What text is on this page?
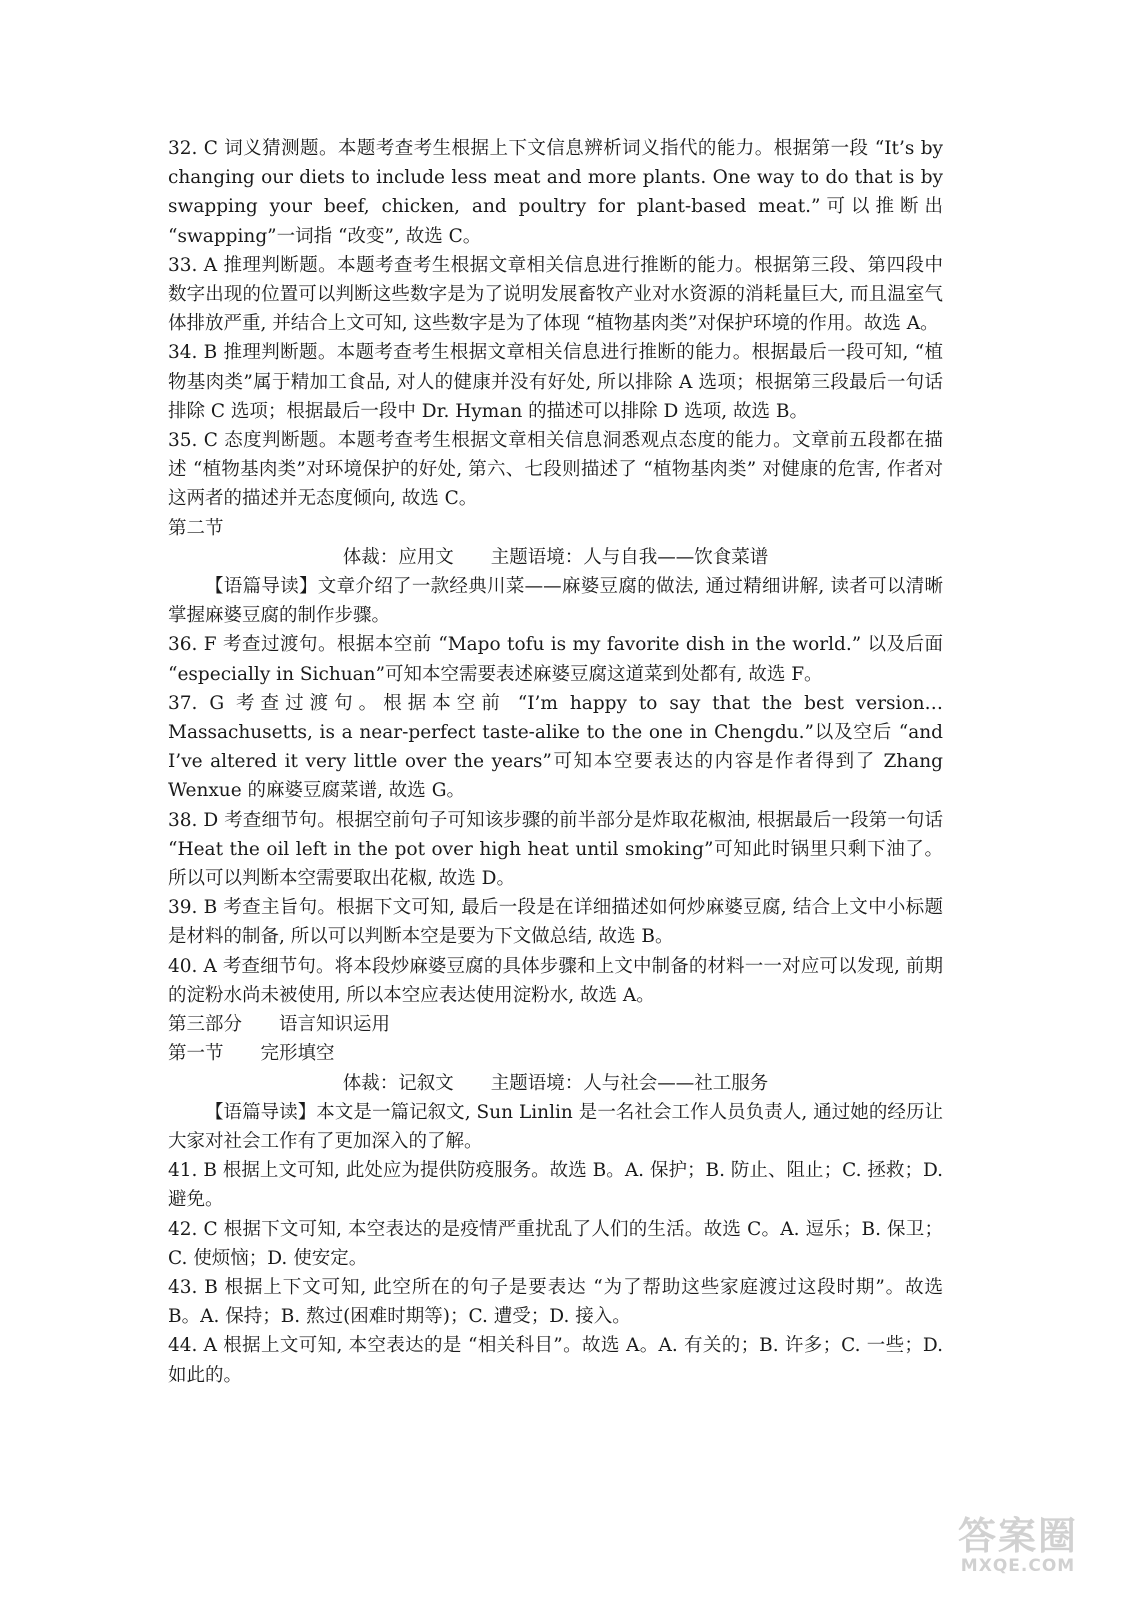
32. C 词义猜测题。本题考查考生根据上下文信息辨析词义指代的能力。根据第一段 “It’s by changing our diets to include less meat and more plants. One way to do that is by swapping your beef, chicken, and poultry for plant-based meat.”可以推断出 “swapping”一词指 “改变”, 故选 C。

33. A 推理判断题。本题考查考生根据文章相关信息进行推断的能力。根据第三段、第四段中数字出现的位置可以判断这些数字是为了说明发展畜牧产业对水资源的消耗量巨大, 而且温室气体排放严重, 并结合上文可知, 这些数字是为了体现 “植物基肉类”对保护环境的作用。故选 A。

34. B 推理判断题。本题考查考生根据文章相关信息进行推断的能力。根据最后一段可知, “植物基肉类”属于精加工食品, 对人的健康并没有好处, 所以排除 A 选项；根据第三段最后一句话排除 C 选项；根据最后一段中 Dr. Hyman 的描述可以排除 D 选项, 故选 B。

35. C 态度判断题。本题考查考生根据文章相关信息洞悉观点态度的能力。文章前五段都在描述 “植物基肉类”对环境保护的好处, 第六、七段则描述了 “植物基肉类” 对健康的危害, 作者对这两者的描述并无态度倾向, 故选 C。

第二节

体裁：应用文　　主题语境：人与自我——饮食菜谱

【语篇导读】文章介绍了一款经典川菜——麻婆豆腐的做法, 通过精细讲解, 读者可以清晰掌握麻婆豆腐的制作步骤。

36. F 考查过渡句。根据本空前 “Mapo tofu is my favorite dish in the world.” 以及后面 “especially in Sichuan”可知本空需要表述麻婆豆腐这道菜到处都有, 故选 F。

37. G 考查过渡句。根据本空前 “I’m happy to say that the best version…Massachusetts, is a near-perfect taste-alike to the one in Chengdu.”以及空后 “and I’ve altered it very little over the years”可知本空要表达的内容是作者得到了 Zhang Wenxue 的麻婆豆腐菜谱, 故选 G。

38. D 考查细节句。根据空前句子可知该步骤的前半部分是炸取花椒油, 根据最后一段第一句话 “Heat the oil left in the pot over high heat until smoking”可知此时锅里只剩下油了。所以可以判断本空需要取出花椒, 故选 D。

39. B 考查主旨句。根据下文可知, 最后一段是在详细描述如何炒麻婆豆腐, 结合上文中小标题是材料的制备, 所以可以判断本空是要为下文做总结, 故选 B。

40. A 考查细节句。将本段炒麻婆豆腐的具体步骤和上文中制备的材料一一对应可以发现, 前期的淀粉水尚未被使用, 所以本空应表达使用淀粉水, 故选 A。

第三部分　　语言知识运用

第一节　　完形填空

体裁：记叙文　　主题语境：人与社会——社工服务

【语篇导读】本文是一篇记叙文, Sun Linlin 是一名社会工作人员负责人, 通过她的经历让大家对社会工作有了更加深入的了解。

41. B 根据上文可知, 此处应为提供防疫服务。故选 B。A. 保护；B. 防止、阻止；C. 拯救；D. 避免。

42. C 根据下文可知, 本空表达的是疫情严重扰乱了人们的生活。故选 C。A. 逗乐；B. 保卫；C. 使烦恼；D. 使安定。

43. B 根据上下文可知, 此空所在的句子是要表达 “为了帮助这些家庭渡过这段时期”。故选 B。A. 保持；B. 熬过(困难时期等)；C. 遭受；D. 接入。

44. A 根据上文可知, 本空表达的是 “相关科目”。故选 A。A. 有关的；B. 许多；C. 一些；D. 如此的。

答案圈
MXQE.COM
